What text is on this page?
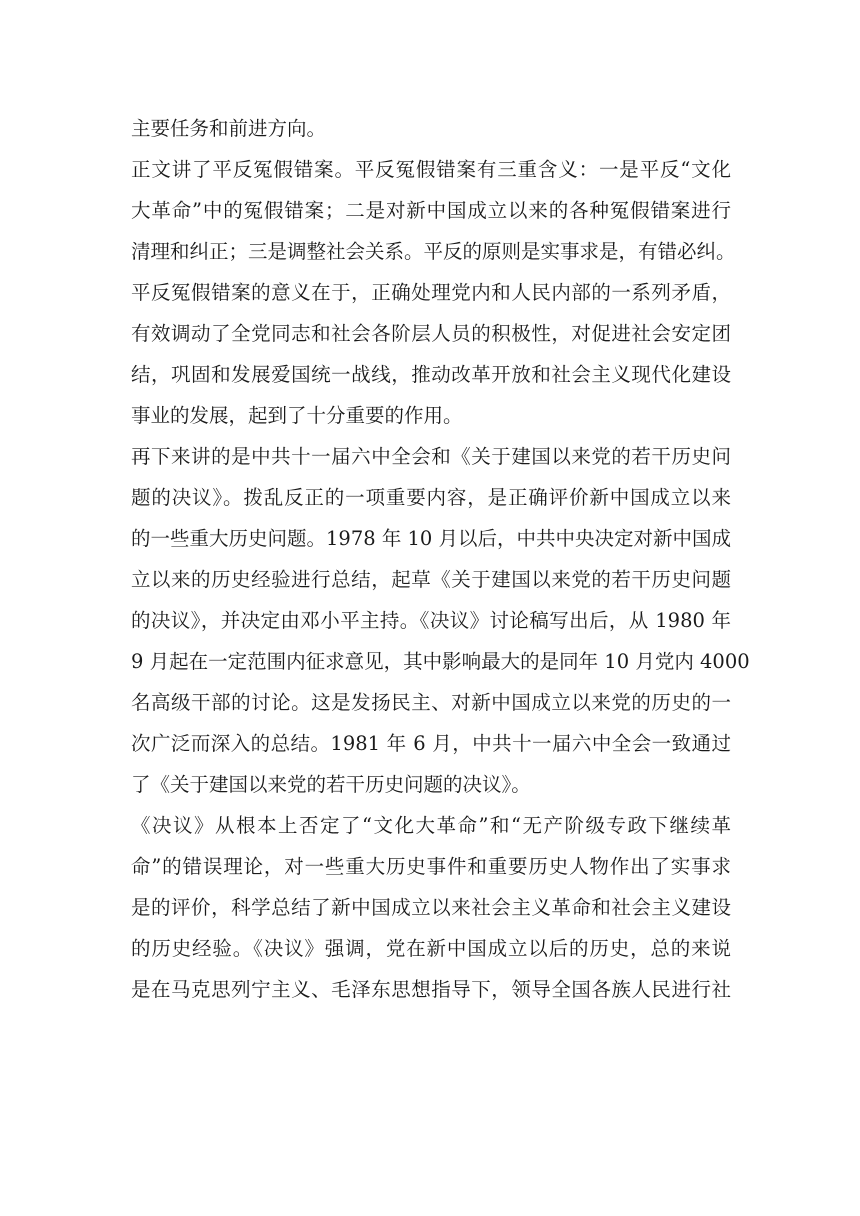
主要任务和前进方向。
正文讲了平反冤假错案。平反冤假错案有三重含义：一是平反“文化
大革命”中的冤假错案；二是对新中国成立以来的各种冤假错案进行
清理和纠正；三是调整社会关系。平反的原则是实事求是，有错必纠。
平反冤假错案的意义在于，正确处理党内和人民内部的一系列矛盾，
有效调动了全党同志和社会各阶层人员的积极性，对促进社会安定团
结，巩固和发展爱国统一战线，推动改革开放和社会主义现代化建设
事业的发展，起到了十分重要的作用。
再下来讲的是中共十一届六中全会和《关于建国以来党的若干历史问
题的决议》。拨乱反正的一项重要内容，是正确评价新中国成立以来
的一些重大历史问题。1978 年 10 月以后，中共中央决定对新中国成
立以来的历史经验进行总结，起草《关于建国以来党的若干历史问题
的决议》，并决定由邓小平主持。《决议》讨论稿写出后，从 1980 年
9 月起在一定范围内征求意见，其中影响最大的是同年 10 月党内 4000
名高级干部的讨论。这是发扬民主、对新中国成立以来党的历史的一
次广泛而深入的总结。1981 年 6 月，中共十一届六中全会一致通过
了《关于建国以来党的若干历史问题的决议》。
《决议》从根本上否定了“文化大革命”和“无产阶级专政下继续革
命”的错误理论，对一些重大历史事件和重要历史人物作出了实事求
是的评价，科学总结了新中国成立以来社会主义革命和社会主义建设
的历史经验。《决议》强调，党在新中国成立以后的历史，总的来说
是在马克思列宁主义、毛泽东思想指导下，领导全国各族人民进行社
